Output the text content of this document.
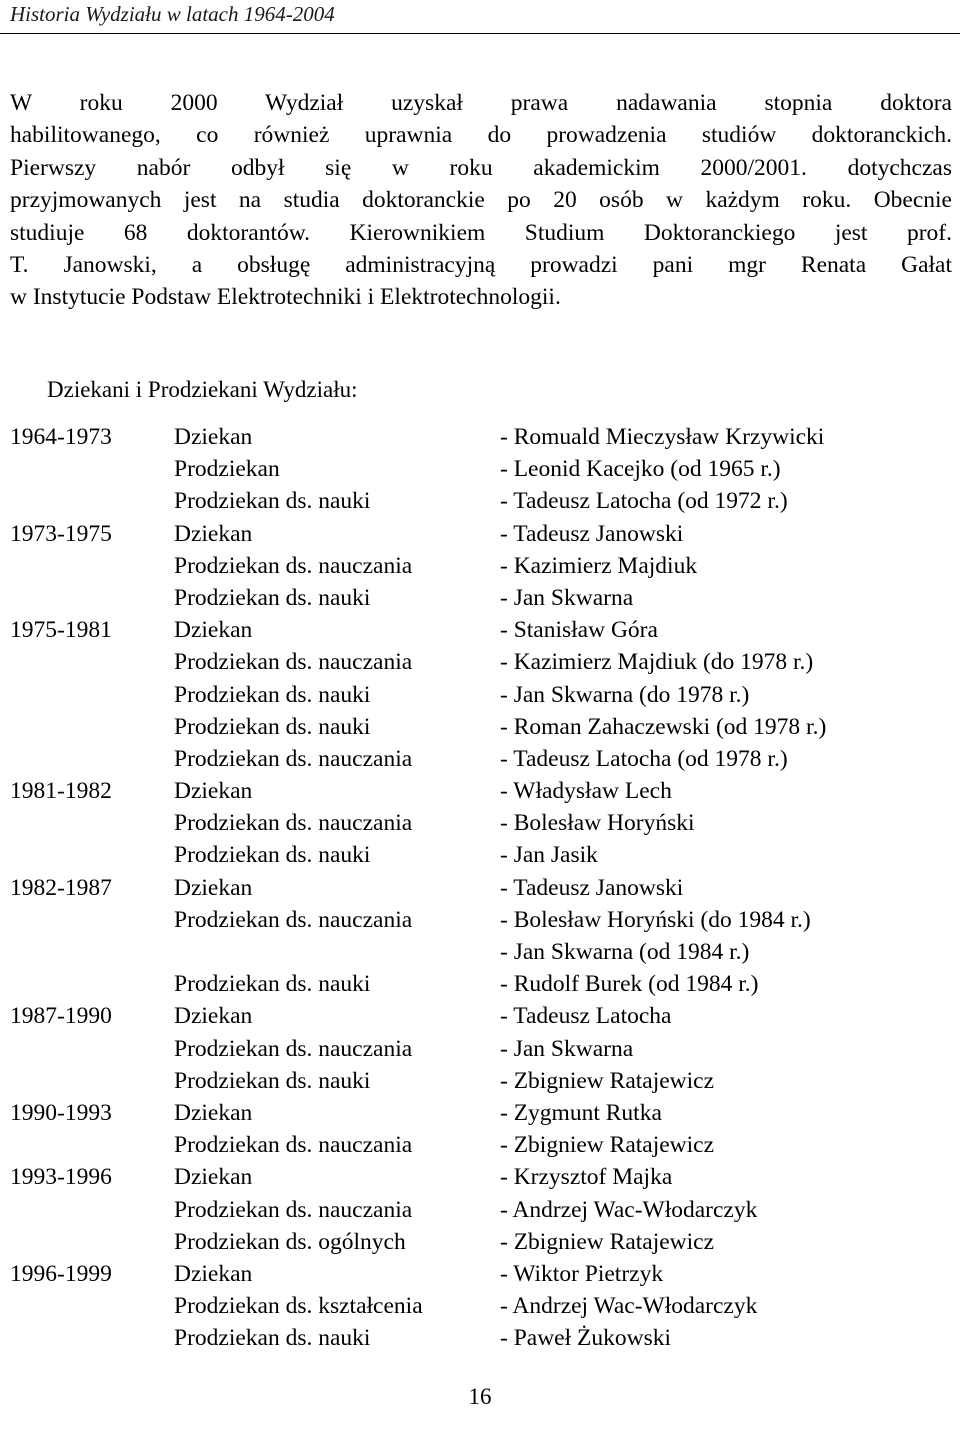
Historia Wydziału w latach 1964-2004
W roku 2000 Wydział uzyskał prawa nadawania stopnia doktora
habilitowanego, co również uprawnia do prowadzenia studiów doktoranckich.
Pierwszy nabór odbył się w roku akademickim 2000/2001. dotychczas
przyjmowanych jest na studia doktoranckie po 20 osób w każdym roku. Obecnie
studiuje 68 doktorantów. Kierownikiem Studium Doktoranckiego jest prof.
T. Janowski, a obsługę administracyjną prowadzi pani mgr Renata Gałat
w Instytucie Podstaw Elektrotechniki i Elektrotechnologii.
Dziekani i Prodziekani Wydziału:
1964-1973	Dziekan	- Romuald Mieczysław Krzywicki
Prodziekan	- Leonid Kacejko (od 1965 r.)
Prodziekan ds. nauki	- Tadeusz Latocha (od 1972 r.)
1973-1975	Dziekan	- Tadeusz Janowski
Prodziekan ds. nauczania	- Kazimierz Majdiuk
Prodziekan ds. nauki	- Jan Skwarna
1975-1981	Dziekan	- Stanisław Góra
Prodziekan ds. nauczania	- Kazimierz Majdiuk (do 1978 r.)
Prodziekan ds. nauki	- Jan Skwarna (do 1978 r.)
Prodziekan ds. nauki	- Roman Zahaczewski (od 1978 r.)
Prodziekan ds. nauczania	- Tadeusz Latocha (od 1978 r.)
1981-1982	Dziekan	- Władysław Lech
Prodziekan ds. nauczania	- Bolesław Horyński
Prodziekan ds. nauki	- Jan Jasik
1982-1987	Dziekan	- Tadeusz Janowski
Prodziekan ds. nauczania	- Bolesław Horyński (do 1984 r.)
- Jan Skwarna (od 1984 r.)
Prodziekan ds. nauki	- Rudolf Burek (od 1984 r.)
1987-1990	Dziekan	- Tadeusz Latocha
Prodziekan ds. nauczania	- Jan Skwarna
Prodziekan ds. nauki	- Zbigniew Ratajewicz
1990-1993	Dziekan	- Zygmunt Rutka
Prodziekan ds. nauczania	- Zbigniew Ratajewicz
1993-1996	Dziekan	- Krzysztof Majka
Prodziekan ds. nauczania	- Andrzej Wac-Włodarczyk
Prodziekan ds. ogólnych	- Zbigniew Ratajewicz
1996-1999	Dziekan	- Wiktor Pietrzyk
Prodziekan ds. kształcenia	- Andrzej Wac-Włodarczyk
Prodziekan ds. nauki	- Paweł Żukowski
16
